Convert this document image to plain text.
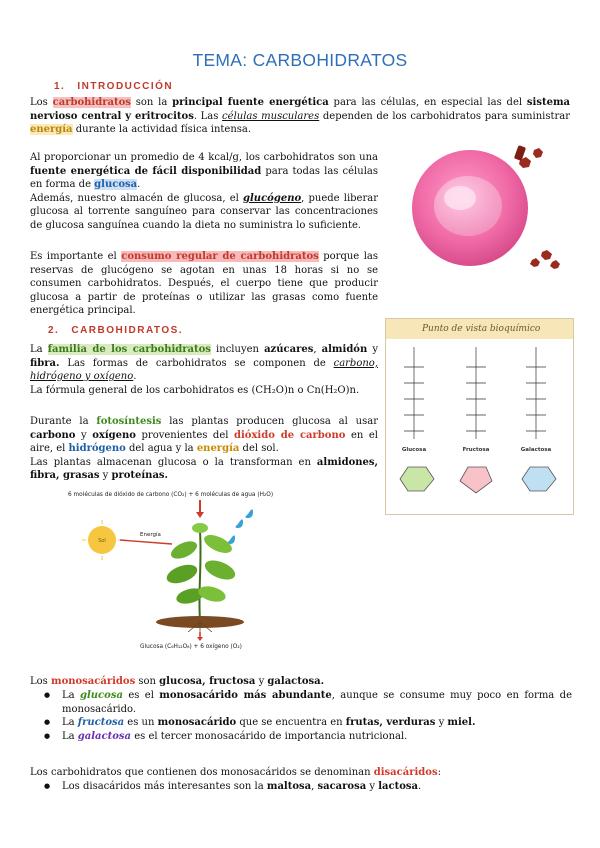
TEMA: CARBOHIDRATOS
1. INTRODUCCIÓN

Los carbohidratos son la principal fuente energética para las células, en especial las del sistema nervioso central y eritrocitos. Las células musculares dependen de los carbohidratos para suministrar energía durante la actividad física intensa.

Al proporcionar un promedio de 4 kcal/g, los carbohidratos son una fuente energética de fácil disponibilidad para todas las células en forma de glucosa.
Además, nuestro almacén de glucosa, el glucógeno, puede liberar glucosa al torrente sanguíneo para conservar las concentraciones de glucosa sanguínea cuando la dieta no suministra lo suficiente.

Es importante el consumo regular de carbohidratos porque las reservas de glucógeno se agotan en unas 18 horas si no se consumen carbohidratos. Después, el cuerpo tiene que producir glucosa a partir de proteínas o utilizar las grasas como fuente energética principal.

2. CARBOHIDRATOS.

La familia de los carbohidratos incluyen azúcares, almidón y fibra. Las formas de carbohidratos se componen de carbono, hidrógeno y oxígeno.
La fórmula general de los carbohidratos es (CH₂O)n o Cn(H₂O)n.

Durante la fotosíntesis las plantas producen glucosa al usar carbono y oxígeno provenientes del dióxido de carbono en el aire, el hidrógeno del agua y la energía del sol.
Las plantas almacenan glucosa o la transforman en almidones, fibra, grasas y proteínas.

Punto de vista bioquímico
Glucosa	Fructosa	Galactosa
6 moléculas de dióxido de carbono (CO₂) + 6 moléculas de agua (H₂O)
Sol
Energía
Glucosa (C₆H₁₂O₆) + 6 oxígeno (O₂)

Los monosacáridos son glucosa, fructosa y galactosa.

● La glucosa es el monosacárido más abundante, aunque se consume muy poco en forma de monosacárido.
● La fructosa es un monosacárido que se encuentra en frutas, verduras y miel.
● La galactosa es el tercer monosacárido de importancia nutricional.

Los carbohidratos que contienen dos monosacáridos se denominan disacáridos:

● Los disacáridos más interesantes son la maltosa, sacarosa y lactosa.
